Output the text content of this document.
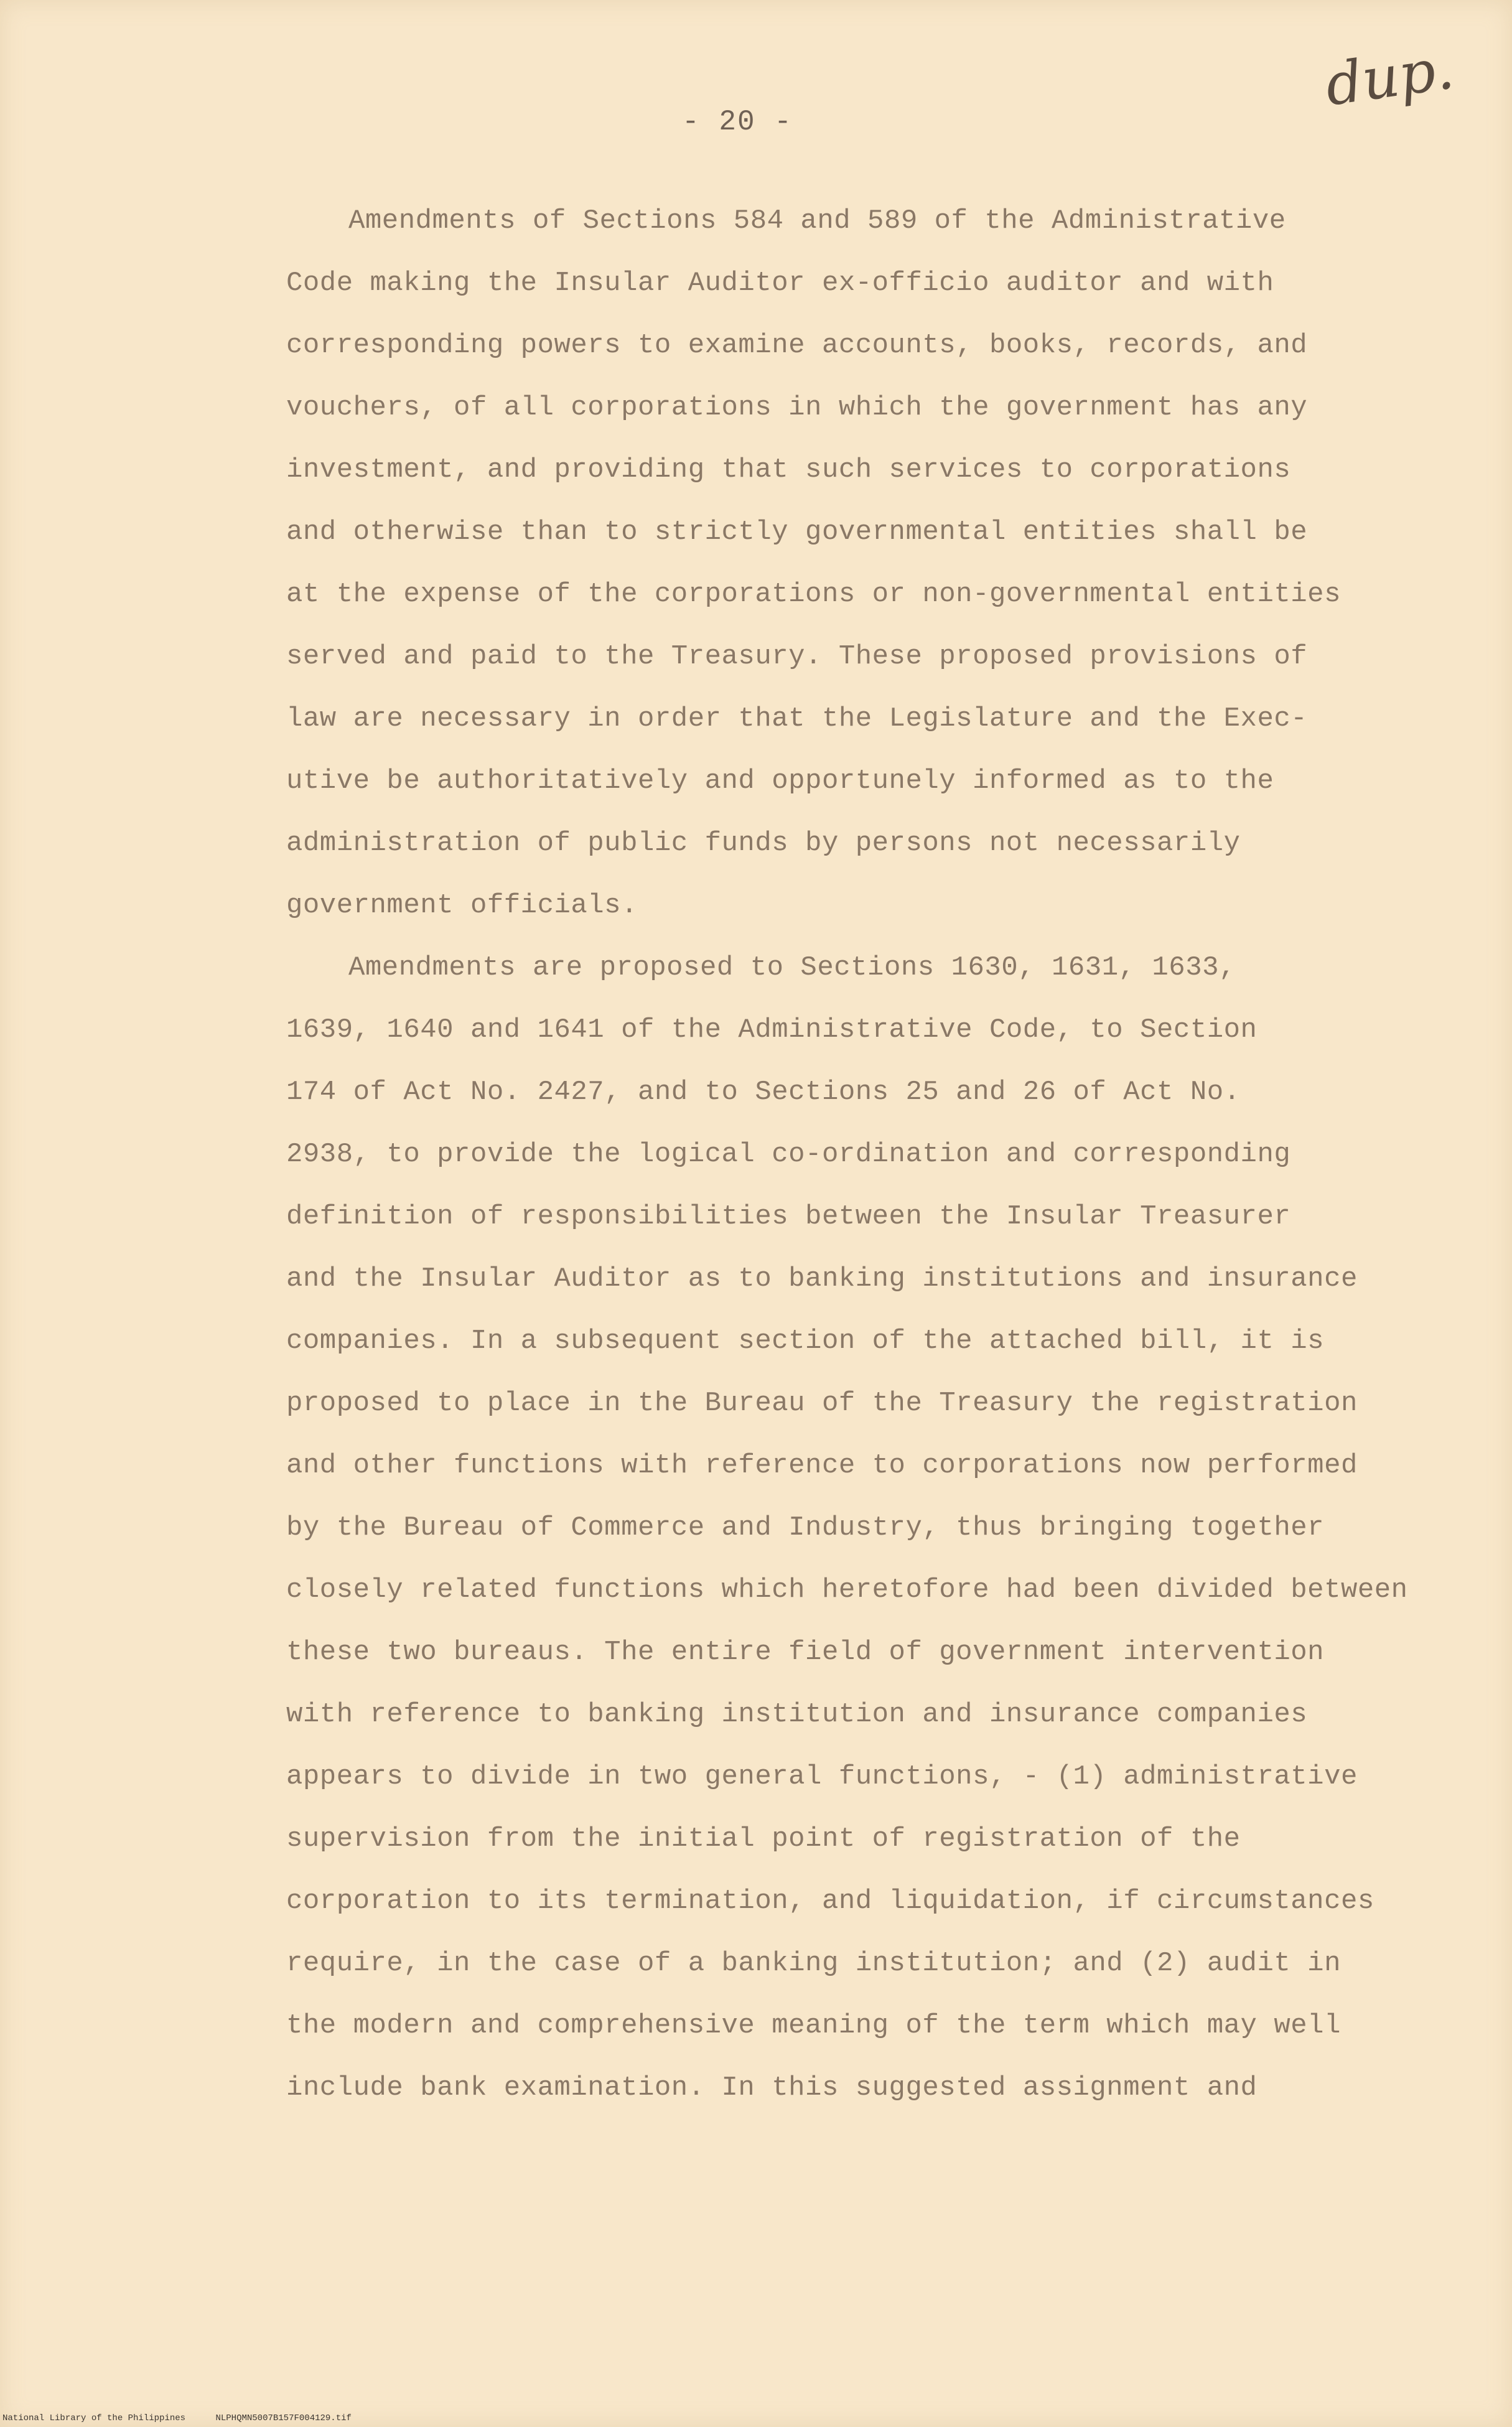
dup.
- 20 -
Amendments of Sections 584 and 589 of the Administrative
Code making the Insular Auditor ex-officio auditor and with
corresponding powers to examine accounts, books, records, and
vouchers, of all corporations in which the government has any
investment, and providing that such services to corporations
and otherwise than to strictly governmental entities shall be
at the expense of the corporations or non-governmental entities
served and paid to the Treasury. These proposed provisions of
law are necessary in order that the Legislature and the Exec-
utive be authoritatively and opportunely informed as to the
administration of public funds by persons not necessarily
government officials.
Amendments are proposed to Sections 1630, 1631, 1633,
1639, 1640 and 1641 of the Administrative Code, to Section
174 of Act No. 2427, and to Sections 25 and 26 of Act No.
2938, to provide the logical co-ordination and corresponding
definition of responsibilities between the Insular Treasurer
and the Insular Auditor as to banking institutions and insurance
companies. In a subsequent section of the attached bill, it is
proposed to place in the Bureau of the Treasury the registration
and other functions with reference to corporations now performed
by the Bureau of Commerce and Industry, thus bringing together
closely related functions which heretofore had been divided between
these two bureaus. The entire field of government intervention
with reference to banking institution and insurance companies
appears to divide in two general functions, - (1) administrative
supervision from the initial point of registration of the
corporation to its termination, and liquidation, if circumstances
require, in the case of a banking institution; and (2) audit in
the modern and comprehensive meaning of the term which may well
include bank examination. In this suggested assignment and
National Library of the Philippines	NLPHQMN5007B157F004129.tif
